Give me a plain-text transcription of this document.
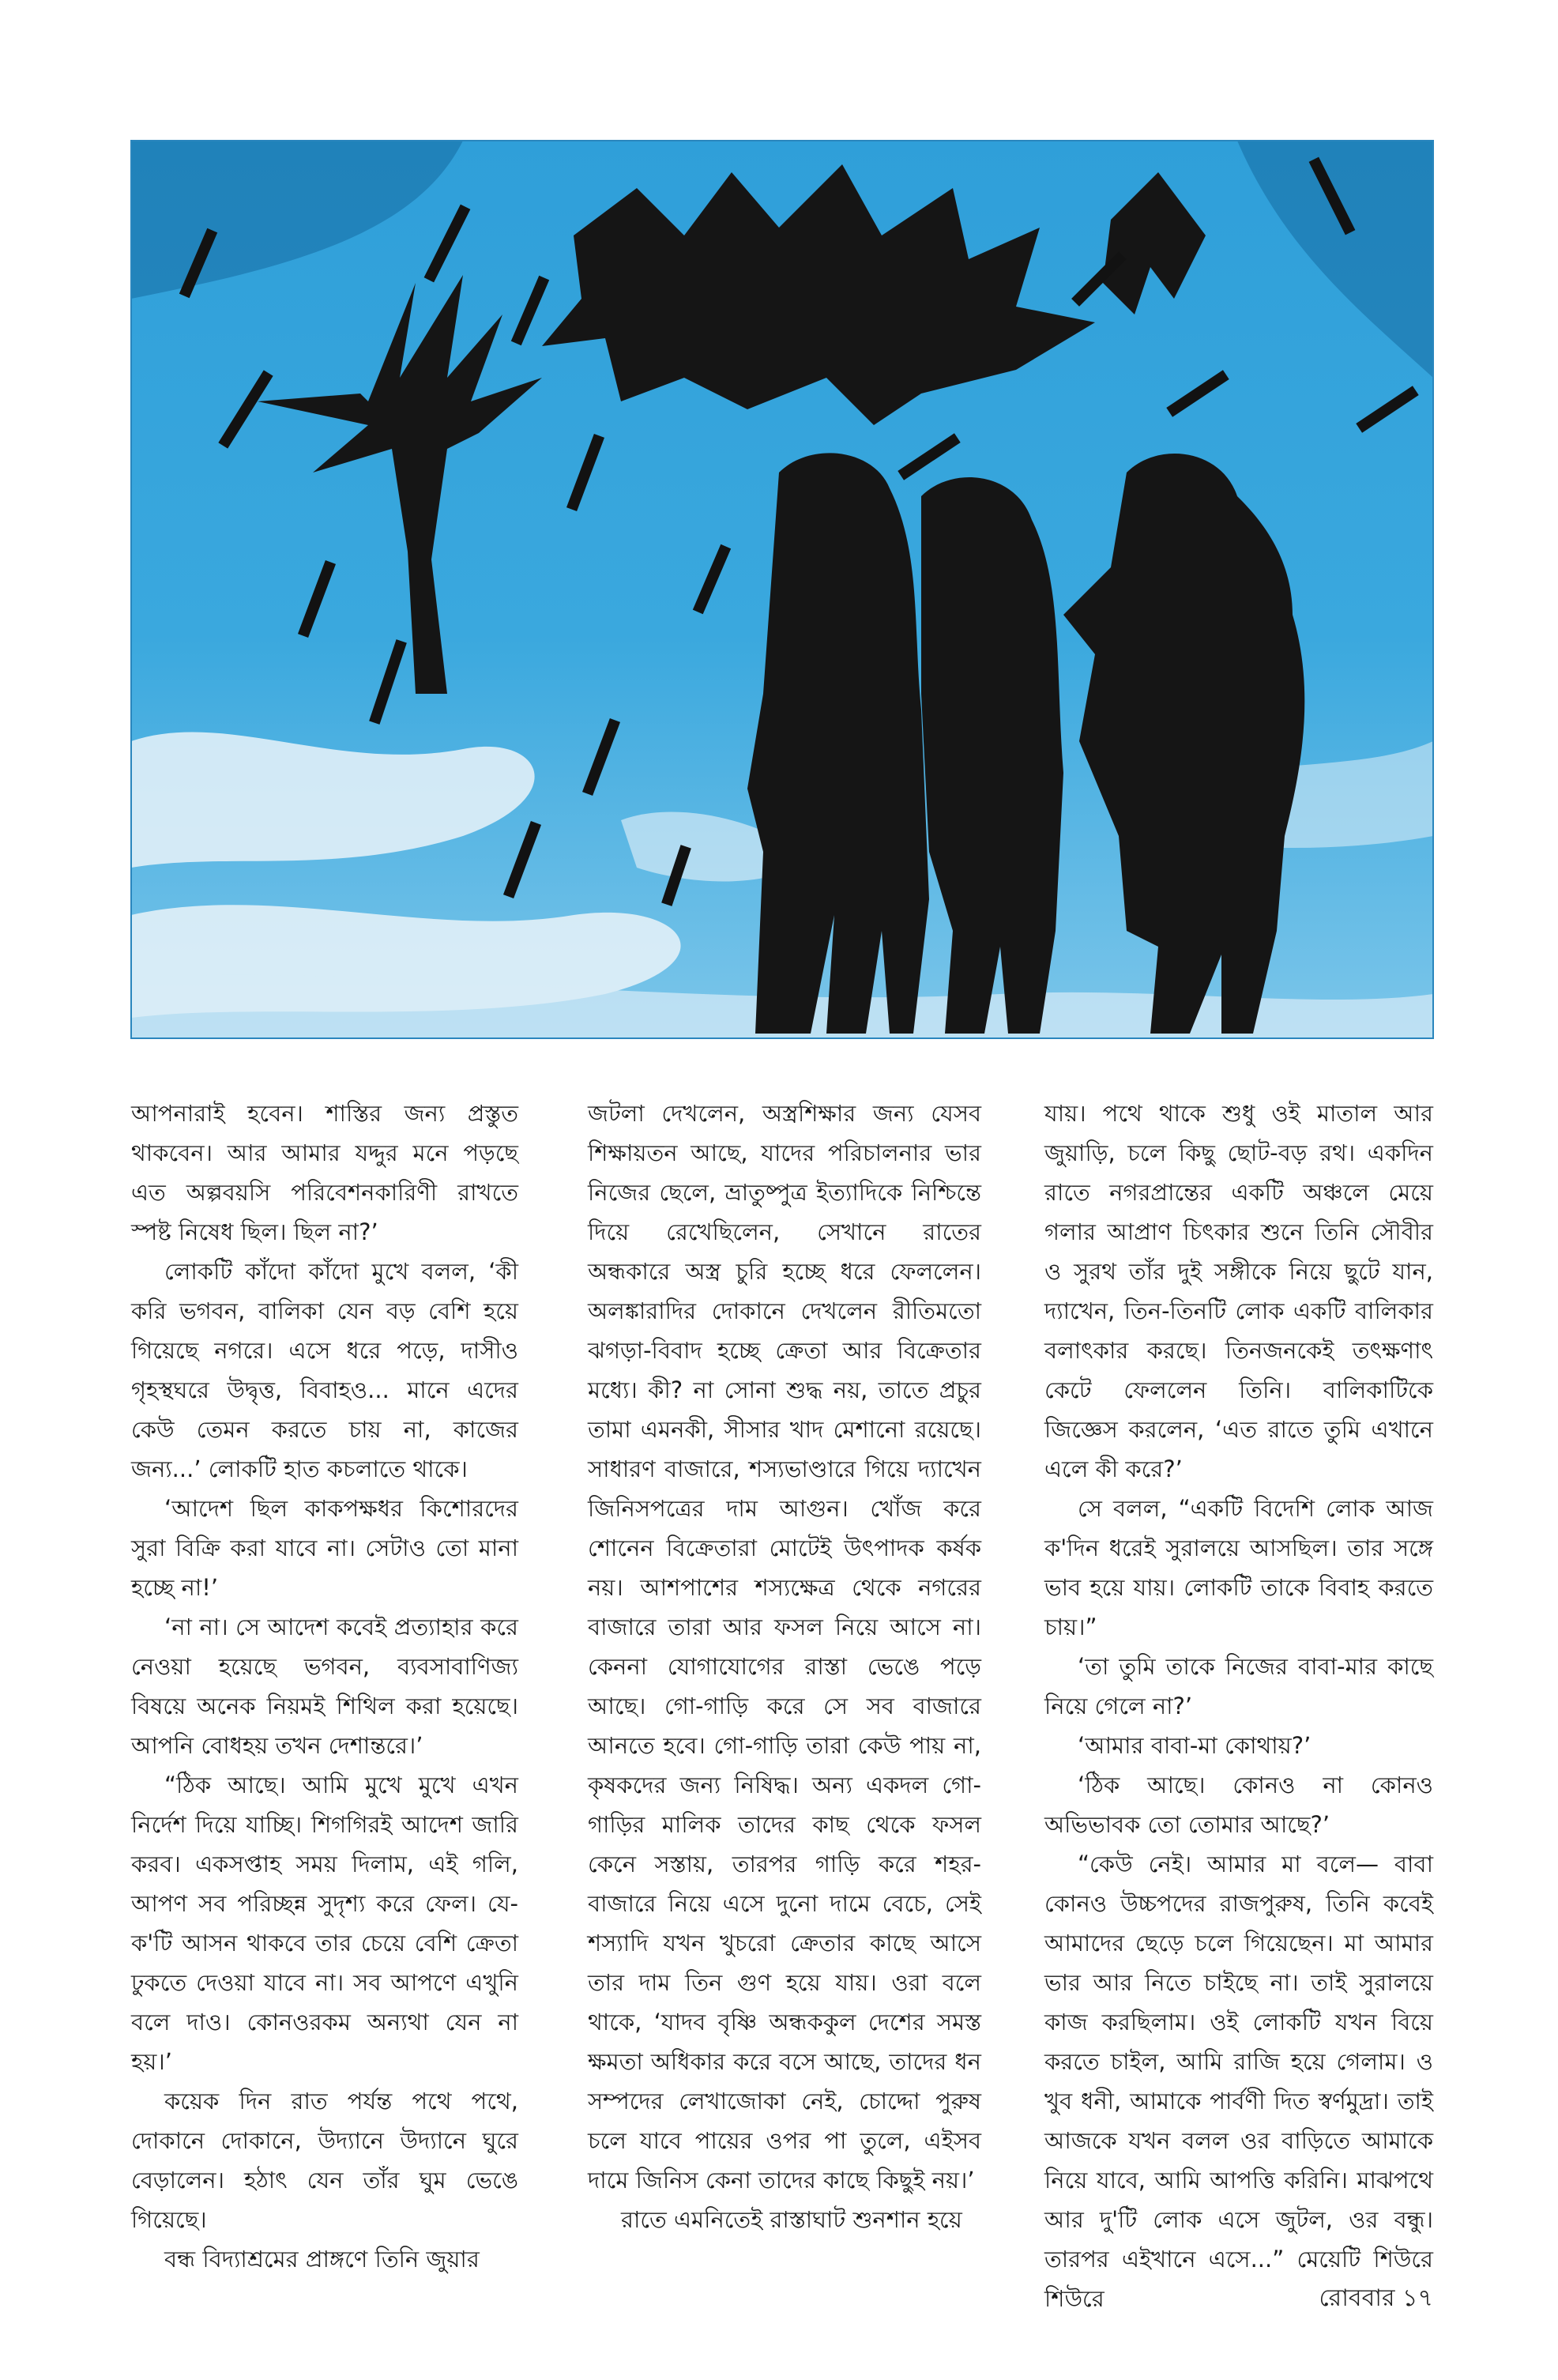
আপনারাই হবেন। শাস্তির জন্য প্রস্তুত থাকবেন। আর আমার যদ্দুর মনে পড়ছে এত অল্পবয়সি পরিবেশনকারিণী রাখতে স্পষ্ট নিষেধ ছিল। ছিল না?’

লোকটি কাঁদো কাঁদো মুখে বলল, ‘কী করি ভগবন, বালিকা যেন বড় বেশি হয়ে গিয়েছে নগরে। এসে ধরে পড়ে, দাসীও গৃহস্থঘরে উদ্বৃত্ত, বিবাহও... মানে এদের কেউ তেমন করতে চায় না, কাজের জন্য...’ লোকটি হাত কচলাতে থাকে।

‘আদেশ ছিল কাকপক্ষধর কিশোরদের সুরা বিক্রি করা যাবে না। সেটাও তো মানা হচ্ছে না!’

‘না না। সে আদেশ কবেই প্রত্যাহার করে নেওয়া হয়েছে ভগবন, ব্যবসাবাণিজ্য বিষয়ে অনেক নিয়মই শিথিল করা হয়েছে। আপনি বোধহয় তখন দেশান্তরে।’

“ঠিক আছে। আমি মুখে মুখে এখন নির্দেশ দিয়ে যাচ্ছি। শিগগিরই আদেশ জারি করব। একসপ্তাহ সময় দিলাম, এই গলি, আপণ সব পরিচ্ছন্ন সুদৃশ্য করে ফেল। যে-ক'টি আসন থাকবে তার চেয়ে বেশি ক্রেতা ঢুকতে দেওয়া যাবে না। সব আপণে এখুনি বলে দাও। কোনওরকম অন্যথা যেন না হয়।’

কয়েক দিন রাত পর্যন্ত পথে পথে, দোকানে দোকানে, উদ্যানে উদ্যানে ঘুরে বেড়ালেন। হঠাৎ যেন তাঁর ঘুম ভেঙে গিয়েছে।

বন্ধ বিদ্যাশ্রমের প্রাঙ্গণে তিনি জুয়ার

জটলা দেখলেন, অস্ত্রশিক্ষার জন্য যেসব শিক্ষায়তন আছে, যাদের পরিচালনার ভার নিজের ছেলে, ভ্রাতুষ্পুত্র ইত্যাদিকে নিশ্চিন্তে দিয়ে রেখেছিলেন, সেখানে রাতের অন্ধকারে অস্ত্র চুরি হচ্ছে ধরে ফেললেন। অলঙ্কারাদির দোকানে দেখলেন রীতিমতো ঝগড়া-বিবাদ হচ্ছে ক্রেতা আর বিক্রেতার মধ্যে। কী? না সোনা শুদ্ধ নয়, তাতে প্রচুর তামা এমনকী, সীসার খাদ মেশানো রয়েছে। সাধারণ বাজারে, শস্যভাণ্ডারে গিয়ে দ্যাখেন জিনিসপত্রের দাম আগুন। খোঁজ করে শোনেন বিক্রেতারা মোটেই উৎপাদক কর্ষক নয়। আশপাশের শস্যক্ষেত্র থেকে নগরের বাজারে তারা আর ফসল নিয়ে আসে না। কেননা যোগাযোগের রাস্তা ভেঙে পড়ে আছে। গো-গাড়ি করে সে সব বাজারে আনতে হবে। গো-গাড়ি তারা কেউ পায় না, কৃষকদের জন্য নিষিদ্ধ। অন্য একদল গো-গাড়ির মালিক তাদের কাছ থেকে ফসল কেনে সস্তায়, তারপর গাড়ি করে শহর-বাজারে নিয়ে এসে দুনো দামে বেচে, সেই শস্যাদি যখন খুচরো ক্রেতার কাছে আসে তার দাম তিন গুণ হয়ে যায়। ওরা বলে থাকে, ‘যাদব বৃষ্ণি অন্ধককুল দেশের সমস্ত ক্ষমতা অধিকার করে বসে আছে, তাদের ধন সম্পদের লেখাজোকা নেই, চোদ্দো পুরুষ চলে যাবে পায়ের ওপর পা তুলে, এইসব দামে জিনিস কেনা তাদের কাছে কিছুই নয়।’

রাতে এমনিতেই রাস্তাঘাট শুনশান হয়ে

যায়। পথে থাকে শুধু ওই মাতাল আর জুয়াড়ি, চলে কিছু ছোট-বড় রথ। একদিন রাতে নগরপ্রান্তের একটি অঞ্চলে মেয়ে গলার আপ্রাণ চিৎকার শুনে তিনি সৌবীর ও সুরথ তাঁর দুই সঙ্গীকে নিয়ে ছুটে যান, দ্যাখেন, তিন-তিনটি লোক একটি বালিকার বলাৎকার করছে। তিনজনকেই তৎক্ষণাৎ কেটে ফেললেন তিনি। বালিকাটিকে জিজ্ঞেস করলেন, ‘এত রাতে তুমি এখানে এলে কী করে?’

সে বলল, “একটি বিদেশি লোক আজ ক'দিন ধরেই সুরালয়ে আসছিল। তার সঙ্গে ভাব হয়ে যায়। লোকটি তাকে বিবাহ করতে চায়।”

‘তা তুমি তাকে নিজের বাবা-মার কাছে নিয়ে গেলে না?’

‘আমার বাবা-মা কোথায়?’

‘ঠিক আছে। কোনও না কোনও অভিভাবক তো তোমার আছে?’

“কেউ নেই। আমার মা বলে— বাবা কোনও উচ্চপদের রাজপুরুষ, তিনি কবেই আমাদের ছেড়ে চলে গিয়েছেন। মা আমার ভার আর নিতে চাইছে না। তাই সুরালয়ে কাজ করছিলাম। ওই লোকটি যখন বিয়ে করতে চাইল, আমি রাজি হয়ে গেলাম। ও খুব ধনী, আমাকে পার্বণী দিত স্বর্ণমুদ্রা। তাই আজকে যখন বলল ওর বাড়িতে আমাকে নিয়ে যাবে, আমি আপত্তি করিনি। মাঝপথে আর দু'টি লোক এসে জুটল, ওর বন্ধু। তারপর এইখানে এসে...” মেয়েটি শিউরে শিউরে	রোববার ১৭
